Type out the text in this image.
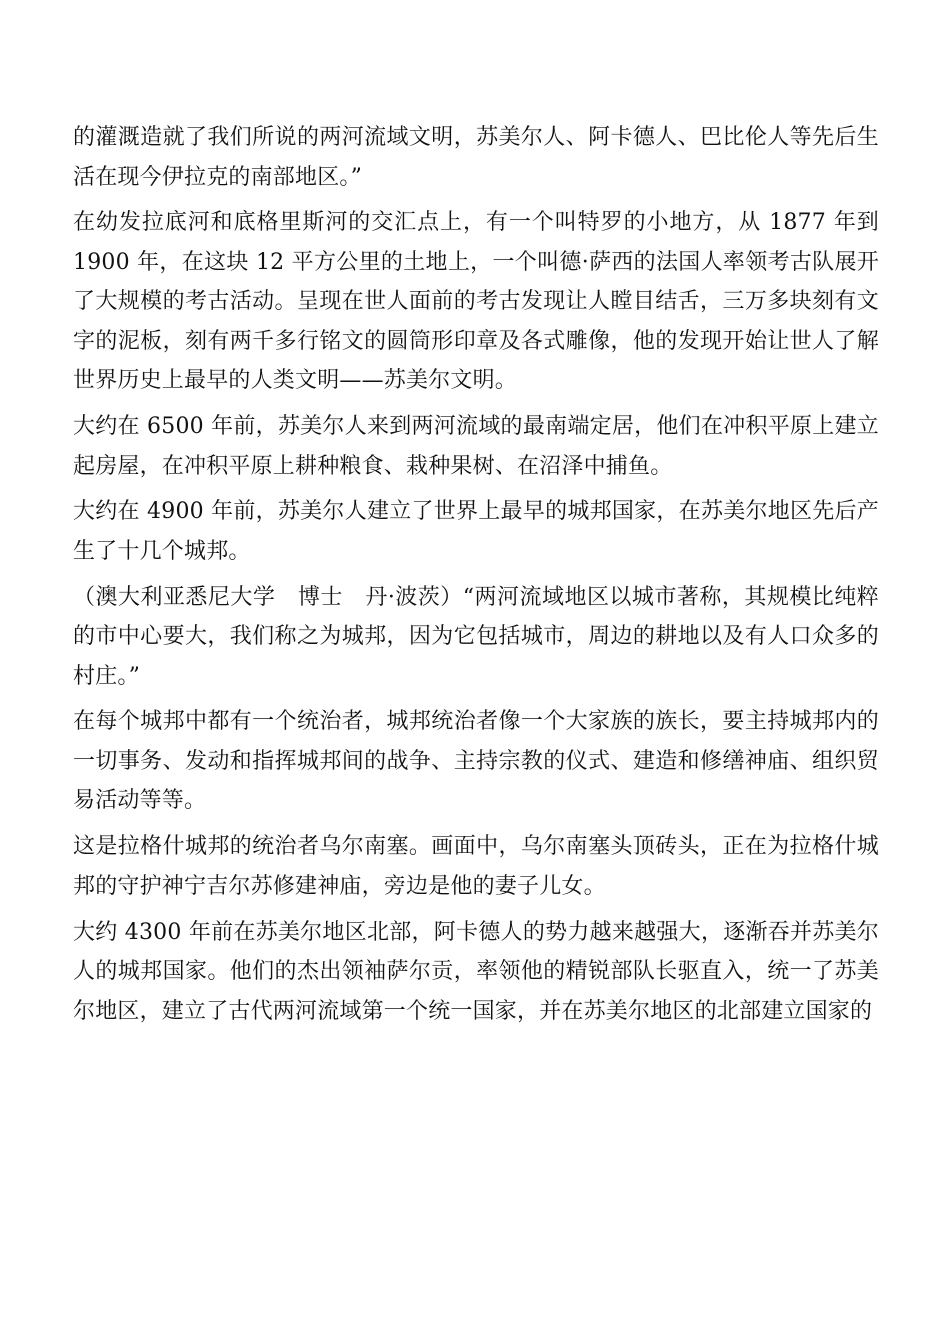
的灌溉造就了我们所说的两河流域文明，苏美尔人、阿卡德人、巴比伦人等先后生活在现今伊拉克的南部地区。”

在幼发拉底河和底格里斯河的交汇点上，有一个叫特罗的小地方，从 1877 年到 1900 年，在这块 12 平方公里的土地上，一个叫德·萨西的法国人率领考古队展开了大规模的考古活动。呈现在世人面前的考古发现让人瞠目结舌，三万多块刻有文字的泥板，刻有两千多行铭文的圆筒形印章及各式雕像，他的发现开始让世人了解世界历史上最早的人类文明——苏美尔文明。

大约在 6500 年前，苏美尔人来到两河流域的最南端定居，他们在冲积平原上建立起房屋，在冲积平原上耕种粮食、栽种果树、在沼泽中捕鱼。

大约在 4900 年前，苏美尔人建立了世界上最早的城邦国家，在苏美尔地区先后产生了十几个城邦。

（澳大利亚悉尼大学　博士　丹·波茨）“两河流域地区以城市著称，其规模比纯粹的市中心要大，我们称之为城邦，因为它包括城市，周边的耕地以及有人口众多的村庄。”

在每个城邦中都有一个统治者，城邦统治者像一个大家族的族长，要主持城邦内的一切事务、发动和指挥城邦间的战争、主持宗教的仪式、建造和修缮神庙、组织贸易活动等等。

这是拉格什城邦的统治者乌尔南塞。画面中，乌尔南塞头顶砖头，正在为拉格什城邦的守护神宁吉尔苏修建神庙，旁边是他的妻子儿女。

大约 4300 年前在苏美尔地区北部，阿卡德人的势力越来越强大，逐渐吞并苏美尔人的城邦国家。他们的杰出领袖萨尔贡，率领他的精锐部队长驱直入，统一了苏美尔地区，建立了古代两河流域第一个统一国家，并在苏美尔地区的北部建立国家的
